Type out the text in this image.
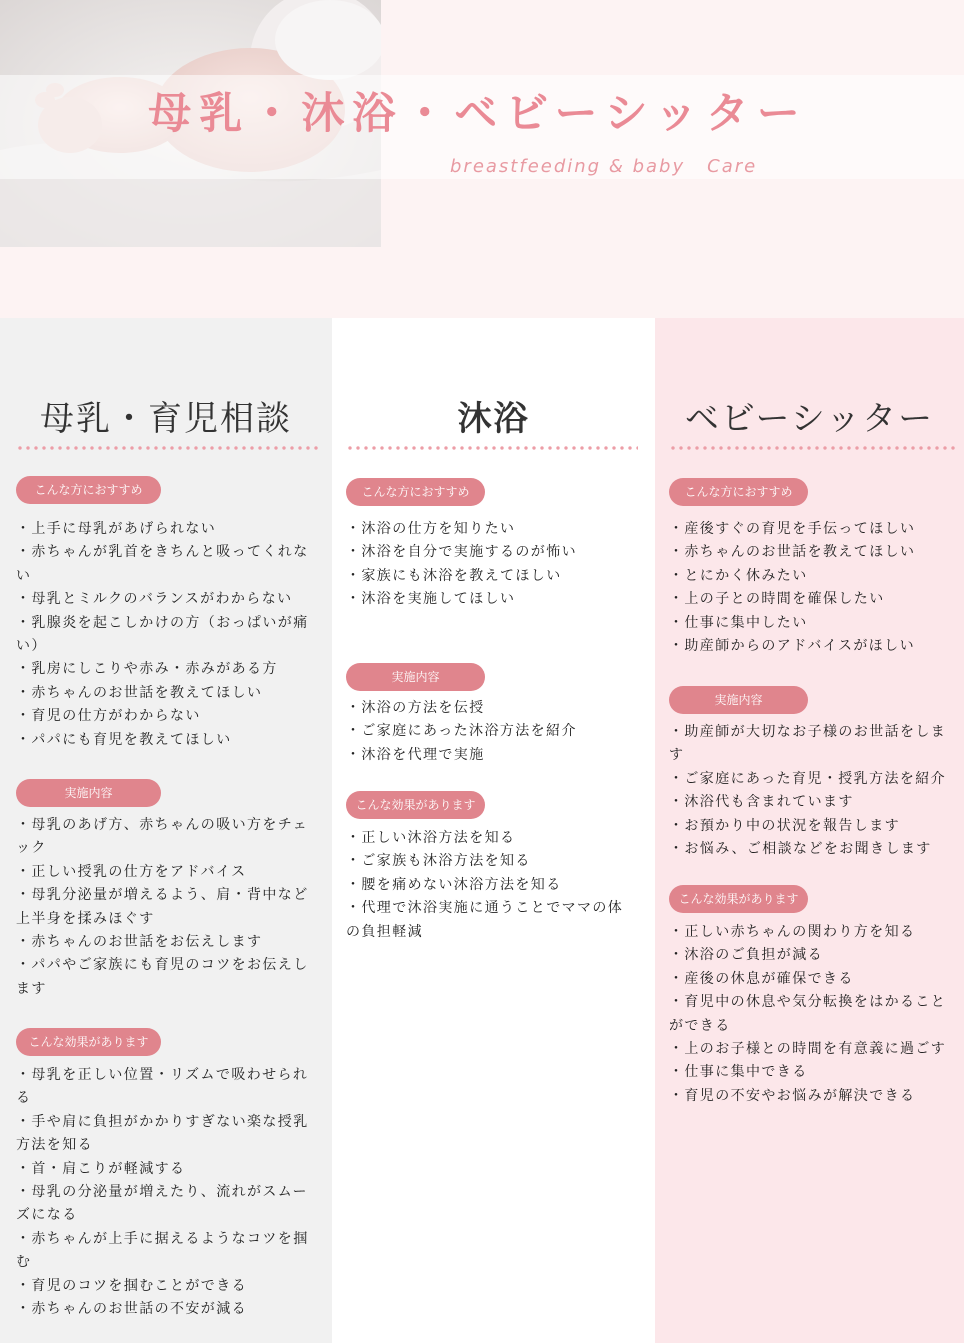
母乳・沐浴・ベビーシッター
breastfeeding & baby Care
母乳・育児相談
こんな方におすすめ
・上手に母乳があげられない
・赤ちゃんが乳首をきちんと吸ってくれない
・母乳とミルクのバランスがわからない
・乳腺炎を起こしかけの方（おっぱいが痛い）
・乳房にしこりや赤み・赤みがある方
・赤ちゃんのお世話を教えてほしい
・育児の仕方がわからない
・パパにも育児を教えてほしい
実施内容
・母乳のあげ方、赤ちゃんの吸い方をチェック
・正しい授乳の仕方をアドバイス
・母乳分泌量が増えるよう、肩・背中など上半身を揉みほぐす
・赤ちゃんのお世話をお伝えします
・パパやご家族にも育児のコツをお伝えします
こんな効果があります
・母乳を正しい位置・リズムで吸わせられる
・手や肩に負担がかかりすぎない楽な授乳方法を知る
・首・肩こりが軽減する
・母乳の分泌量が増えたり、流れがスムーズになる
・赤ちゃんが上手に据えるようなコツを掴む
・育児のコツを掴むことができる
・赤ちゃんのお世話の不安が減る
沐浴
こんな方におすすめ
・沐浴の仕方を知りたい
・沐浴を自分で実施するのが怖い
・家族にも沐浴を教えてほしい
・沐浴を実施してほしい
実施内容
・沐浴の方法を伝授
・ご家庭にあった沐浴方法を紹介
・沐浴を代理で実施
こんな効果があります
・正しい沐浴方法を知る
・ご家族も沐浴方法を知る
・腰を痛めない沐浴方法を知る
・代理で沐浴実施に通うことでママの体の負担軽減
ベビーシッター
こんな方におすすめ
・産後すぐの育児を手伝ってほしい
・赤ちゃんのお世話を教えてほしい
・とにかく休みたい
・上の子との時間を確保したい
・仕事に集中したい
・助産師からのアドバイスがほしい
実施内容
・助産師が大切なお子様のお世話をします
・ご家庭にあった育児・授乳方法を紹介
・沐浴代も含まれています
・お預かり中の状況を報告します
・お悩み、ご相談などをお聞きします
こんな効果があります
・正しい赤ちゃんの関わり方を知る
・沐浴のご負担が減る
・産後の休息が確保できる
・育児中の休息や気分転換をはかることができる
・上のお子様との時間を有意義に過ごす
・仕事に集中できる
・育児の不安やお悩みが解決できる
